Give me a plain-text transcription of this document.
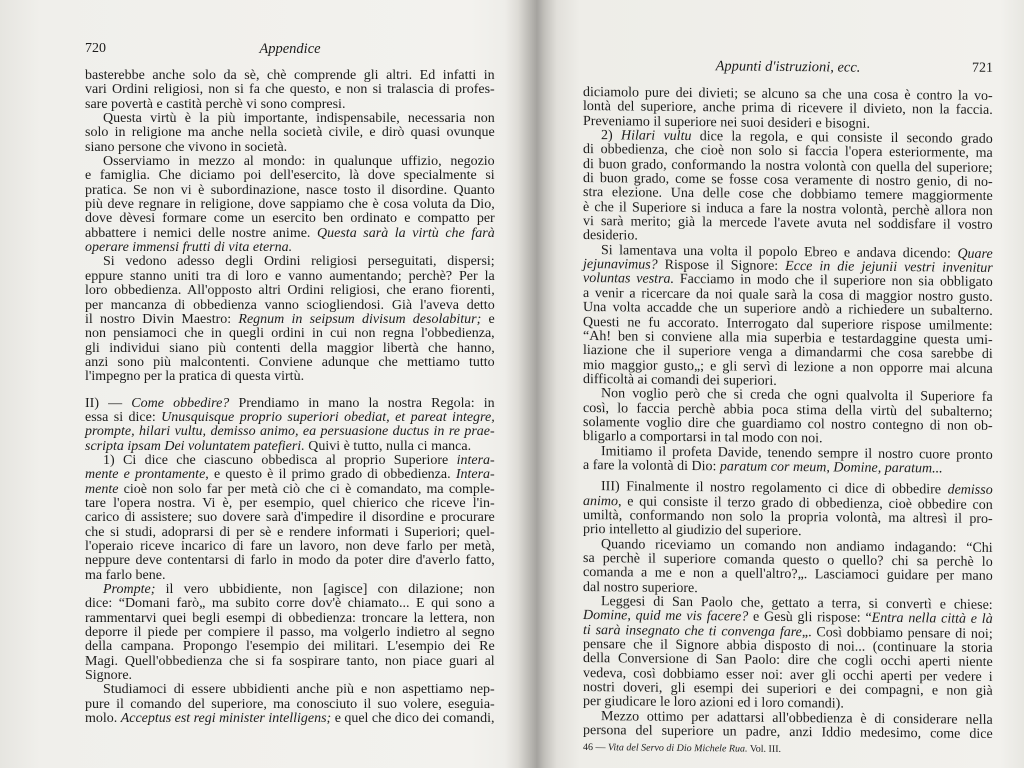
720	Appendice
basterebbe anche solo da sè, chè comprende gli altri. Ed infatti in
vari Ordini religiosi, non si fa che questo, e non si tralascia di profes-
sare povertà e castità perchè vi sono compresi.
Questa virtù è la più importante, indispensabile, necessaria non
solo in religione ma anche nella società civile, e dirò quasi ovunque
siano persone che vivono in società.
Osserviamo in mezzo al mondo: in qualunque uffizio, negozio
e famiglia. Che diciamo poi dell'esercito, là dove specialmente si
pratica. Se non vi è subordinazione, nasce tosto il disordine. Quanto
più deve regnare in religione, dove sappiamo che è cosa voluta da Dio,
dove dèvesi formare come un esercito ben ordinato e compatto per
abbattere i nemici delle nostre anime. Questa sarà la virtù che farà
operare immensi frutti di vita eterna.
Si vedono adesso degli Ordini religiosi perseguitati, dispersi;
eppure stanno uniti tra di loro e vanno aumentando; perchè? Per la
loro obbedienza. All'opposto altri Ordini religiosi, che erano fiorenti,
per mancanza di obbedienza vanno sciogliendosi. Già l'aveva detto
il nostro Divin Maestro: Regnum in seipsum divisum desolabitur; e
non pensiamoci che in quegli ordini in cui non regna l'obbedienza,
gli individui siano più contenti della maggior libertà che hanno,
anzi sono più malcontenti. Conviene adunque che mettiamo tutto
l'impegno per la pratica di questa virtù.
II) — Come obbedire? Prendiamo in mano la nostra Regola: in
essa si dice: Unusquisque proprio superiori obediat, et pareat integre,
prompte, hilari vultu, demisso animo, ea persuasione ductus in re prae-
scripta ipsam Dei voluntatem patefieri. Quivi è tutto, nulla ci manca.
1) Ci dice che ciascuno obbedisca al proprio Superiore intera-
mente e prontamente, e questo è il primo grado di obbedienza. Intera-
mente cioè non solo far per metà ciò che ci è comandato, ma comple-
tare l'opera nostra. Vi è, per esempio, quel chierico che riceve l'in-
carico di assistere; suo dovere sarà d'impedire il disordine e procurare
che si studi, adoprarsi di per sè e rendere informati i Superiori; quel-
l'operaio riceve incarico di fare un lavoro, non deve farlo per metà,
neppure deve contentarsi di farlo in modo da poter dire d'averlo fatto,
ma farlo bene.
Prompte; il vero ubbidiente, non [agisce] con dilazione; non
dice: “Domani farò„ ma subito corre dov'è chiamato... E qui sono a
rammentarvi quei begli esempi di obbedienza: troncare la lettera, non
deporre il piede per compiere il passo, ma volgerlo indietro al segno
della campana. Propongo l'esempio dei militari. L'esempio dei Re
Magi. Quell'obbedienza che si fa sospirare tanto, non piace guari al
Signore.
Studiamoci di essere ubbidienti anche più e non aspettiamo nep-
pure il comando del superiore, ma conosciuto il suo volere, eseguia-
molo. Acceptus est regi minister intelligens; e quel che dico dei comandi,
Appunti d'istruzioni, ecc.	721
diciamolo pure dei divieti; se alcuno sa che una cosa è contro la vo-
lontà del superiore, anche prima di ricevere il divieto, non la faccia.
Preveniamo il superiore nei suoi desideri e bisogni.
2) Hilari vultu dice la regola, e qui consiste il secondo grado
di obbedienza, che cioè non solo si faccia l'opera esteriormente, ma
di buon grado, conformando la nostra volontà con quella del superiore;
di buon grado, come se fosse cosa veramente di nostro genio, di no-
stra elezione. Una delle cose che dobbiamo temere maggiormente
è che il Superiore si induca a fare la nostra volontà, perchè allora non
vi sarà merito; già la mercede l'avete avuta nel soddisfare il vostro
desiderio.
Si lamentava una volta il popolo Ebreo e andava dicendo: Quare
jejunavimus? Rispose il Signore: Ecce in die jejunii vestri invenitur
voluntas vestra. Facciamo in modo che il superiore non sia obbligato
a venir a ricercare da noi quale sarà la cosa di maggior nostro gusto.
Una volta accadde che un superiore andò a richiedere un subalterno.
Questi ne fu accorato. Interrogato dal superiore rispose umilmente:
“Ah! ben si conviene alla mia superbia e testardaggine questa umi-
liazione che il superiore venga a dimandarmi che cosa sarebbe di
mio maggior gusto„; e gli servì di lezione a non opporre mai alcuna
difficoltà ai comandi dei superiori.
Non voglio però che si creda che ogni qualvolta il Superiore fa
così, lo faccia perchè abbia poca stima della virtù del subalterno;
solamente voglio dire che guardiamo col nostro contegno di non ob-
bligarlo a comportarsi in tal modo con noi.
Imitiamo il profeta Davide, tenendo sempre il nostro cuore pronto
a fare la volontà di Dio: paratum cor meum, Domine, paratum...
III) Finalmente il nostro regolamento ci dice di obbedire demisso
animo, e qui consiste il terzo grado di obbedienza, cioè obbedire con
umiltà, conformando non solo la propria volontà, ma altresì il pro-
prio intelletto al giudizio del superiore.
Quando riceviamo un comando non andiamo indagando: “Chi
sa perchè il superiore comanda questo o quello? chi sa perchè lo
comanda a me e non a quell'altro?„. Lasciamoci guidare per mano
dal nostro superiore.
Leggesi di San Paolo che, gettato a terra, si convertì e chiese:
Domine, quid me vis facere? e Gesù gli rispose: “Entra nella città e là
ti sarà insegnato che ti convenga fare„. Così dobbiamo pensare di noi;
pensare che il Signore abbia disposto di noi... (continuare la storia
della Conversione di San Paolo: dire che cogli occhi aperti niente
vedeva, così dobbiamo esser noi: aver gli occhi aperti per vedere i
nostri doveri, gli esempi dei superiori e dei compagni, e non già
per giudicare le loro azioni ed i loro comandi).
Mezzo ottimo per adattarsi all'obbedienza è di considerare nella
persona del superiore un padre, anzi Iddio medesimo, come dice
46 — Vita del Servo di Dio Michele Rua. Vol. III.
